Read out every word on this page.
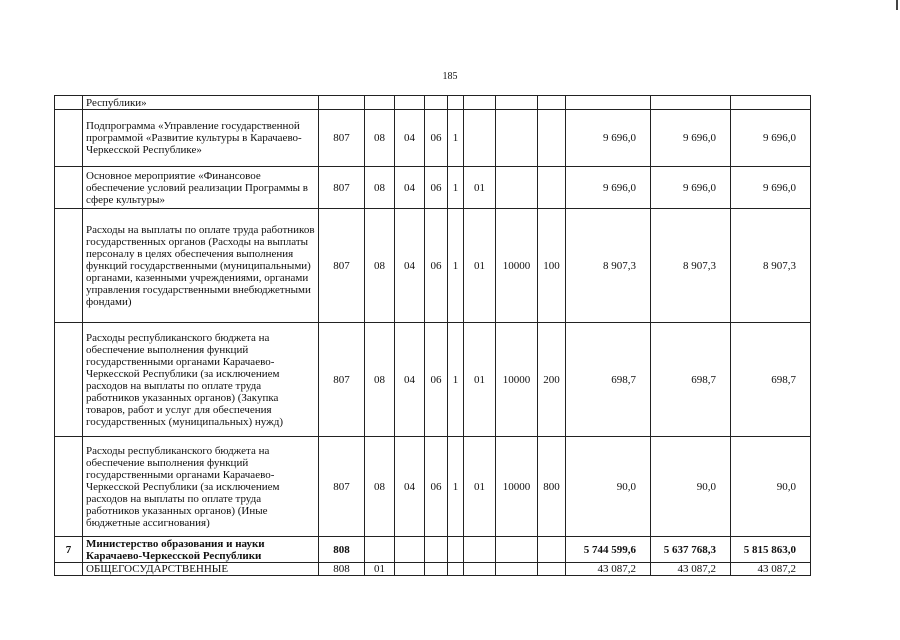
185
	Республики»											
	Подпрограмма «Управление государственной программой «Развитие культуры в Карачаево-Черкесской Республике»	807	08	04	06	1				9 696,0	9 696,0	9 696,0
	Основное мероприятие «Финансовое обеспечение условий реализации Программы в сфере культуры»	807	08	04	06	1	01			9 696,0	9 696,0	9 696,0
	Расходы на выплаты по оплате труда работников государственных органов (Расходы на выплаты персоналу в целях обеспечения выполнения функций государственными (муниципальными) органами, казенными учреждениями, органами управления государственными внебюджетными фондами)	807	08	04	06	1	01	10000	100	8 907,3	8 907,3	8 907,3
	Расходы республиканского бюджета на обеспечение выполнения функций государственными органами Карачаево-Черкесской Республики (за исключением расходов на выплаты по оплате труда работников указанных органов) (Закупка товаров, работ и услуг для обеспечения государственных (муниципальных) нужд)	807	08	04	06	1	01	10000	200	698,7	698,7	698,7
	Расходы республиканского бюджета на обеспечение выполнения функций государственными органами Карачаево-Черкесской Республики (за исключением расходов на выплаты по оплате труда работников указанных органов) (Иные бюджетные ассигнования)	807	08	04	06	1	01	10000	800	90,0	90,0	90,0
7	Министерство образования и науки Карачаево-Черкесской Республики	808								5 744 599,6	5 637 768,3	5 815 863,0
	ОБЩЕГОСУДАРСТВЕННЫЕ	808	01							43 087,2	43 087,2	43 087,2
